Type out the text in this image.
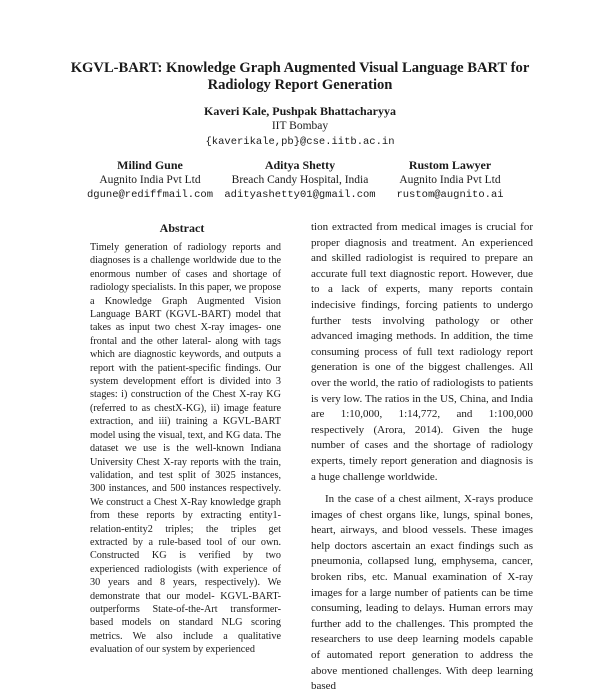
KGVL-BART: Knowledge Graph Augmented Visual Language BART for Radiology Report Generation
Kaveri Kale, Pushpak Bhattacharyya
IIT Bombay
{kaverikale,pb}@cse.iitb.ac.in
Milind Gune
Augnito India Pvt Ltd
dgune@rediffmail.com
Aditya Shetty
Breach Candy Hospital, India
adityashetty01@gmail.com
Rustom Lawyer
Augnito India Pvt Ltd
rustom@augnito.ai
Abstract
Timely generation of radiology reports and diagnoses is a challenge worldwide due to the enormous number of cases and shortage of radiology specialists. In this paper, we propose a Knowledge Graph Augmented Vision Language BART (KGVL-BART) model that takes as input two chest X-ray images- one frontal and the other lateral- along with tags which are diagnostic keywords, and outputs a report with the patient-specific findings. Our system development effort is divided into 3 stages: i) construction of the Chest X-ray KG (referred to as chestX-KG), ii) image feature extraction, and iii) training a KGVL-BART model using the visual, text, and KG data. The dataset we use is the well-known Indiana University Chest X-ray reports with the train, validation, and test split of 3025 instances, 300 instances, and 500 instances respectively. We construct a Chest X-Ray knowledge graph from these reports by extracting entity1-relation-entity2 triples; the triples get extracted by a rule-based tool of our own. Constructed KG is verified by two experienced radiologists (with experience of 30 years and 8 years, respectively). We demonstrate that our model- KGVL-BART- outperforms State-of-the-Art transformer-based models on standard NLG scoring metrics. We also include a qualitative evaluation of our system by experienced

tion extracted from medical images is crucial for proper diagnosis and treatment. An experienced and skilled radiologist is required to prepare an accurate full text diagnostic report. However, due to a lack of experts, many reports contain indecisive findings, forcing patients to undergo further tests involving pathology or other advanced imaging methods. In addition, the time consuming process of full text radiology report generation is one of the biggest challenges. All over the world, the ratio of radiologists to patients is very low. The ratios in the US, China, and India are 1:10,000, 1:14,772, and 1:100,000 respectively (Arora, 2014). Given the huge number of cases and the shortage of radiology experts, timely report generation and diagnosis is a huge challenge worldwide.

In the case of a chest ailment, X-rays produce images of chest organs like, lungs, spinal bones, heart, airways, and blood vessels. These images help doctors ascertain an exact findings such as pneumonia, collapsed lung, emphysema, cancer, broken ribs, etc. Manual examination of X-ray images for a large number of patients can be time consuming, leading to delays. Human errors may further add to the challenges. This prompted the researchers to use deep learning models capable of automated report generation to address the above mentioned challenges. With deep learning based
